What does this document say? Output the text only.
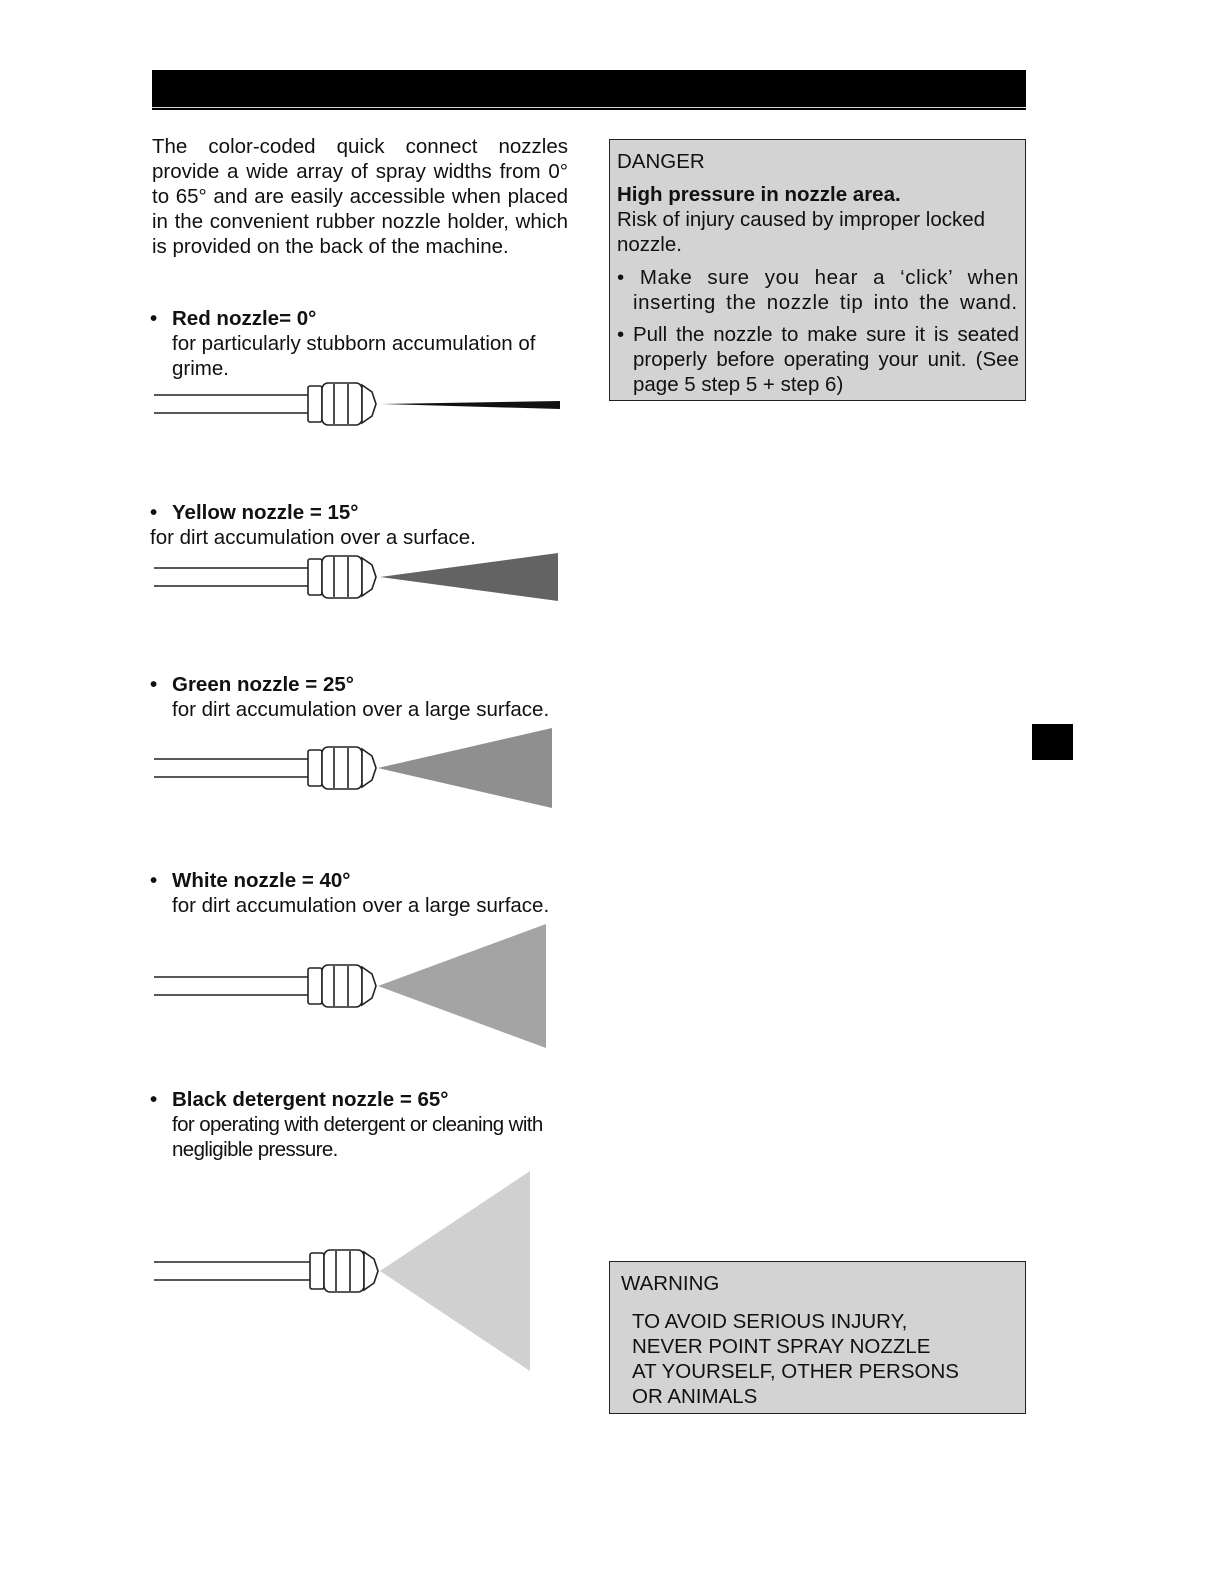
The color-coded quick connect nozzles provide a wide array of spray widths from 0° to 65° and are easily accessible when placed in the convenient rubber nozzle holder, which is provided on the back of the machine.

• Red nozzle= 0°
for particularly stubborn accumulation of grime.
• Yellow nozzle = 15°
for dirt accumulation over a surface.
• Green nozzle = 25°
for dirt accumulation over a large surface.
• White nozzle = 40°
for dirt accumulation over a large surface.
• Black detergent nozzle = 65°
for operating with detergent or cleaning with negligible pressure.
DANGER
High pressure in nozzle area.
Risk of injury caused by improper locked nozzle.
• Make sure you hear a ‘click’ when inserting the nozzle tip into the wand.
• Pull the nozzle to make sure it is seated properly before operating your unit. (See page 5 step 5 + step 6)
WARNING
TO AVOID SERIOUS INJURY,
NEVER POINT SPRAY NOZZLE
AT YOURSELF, OTHER PERSONS
OR ANIMALS
